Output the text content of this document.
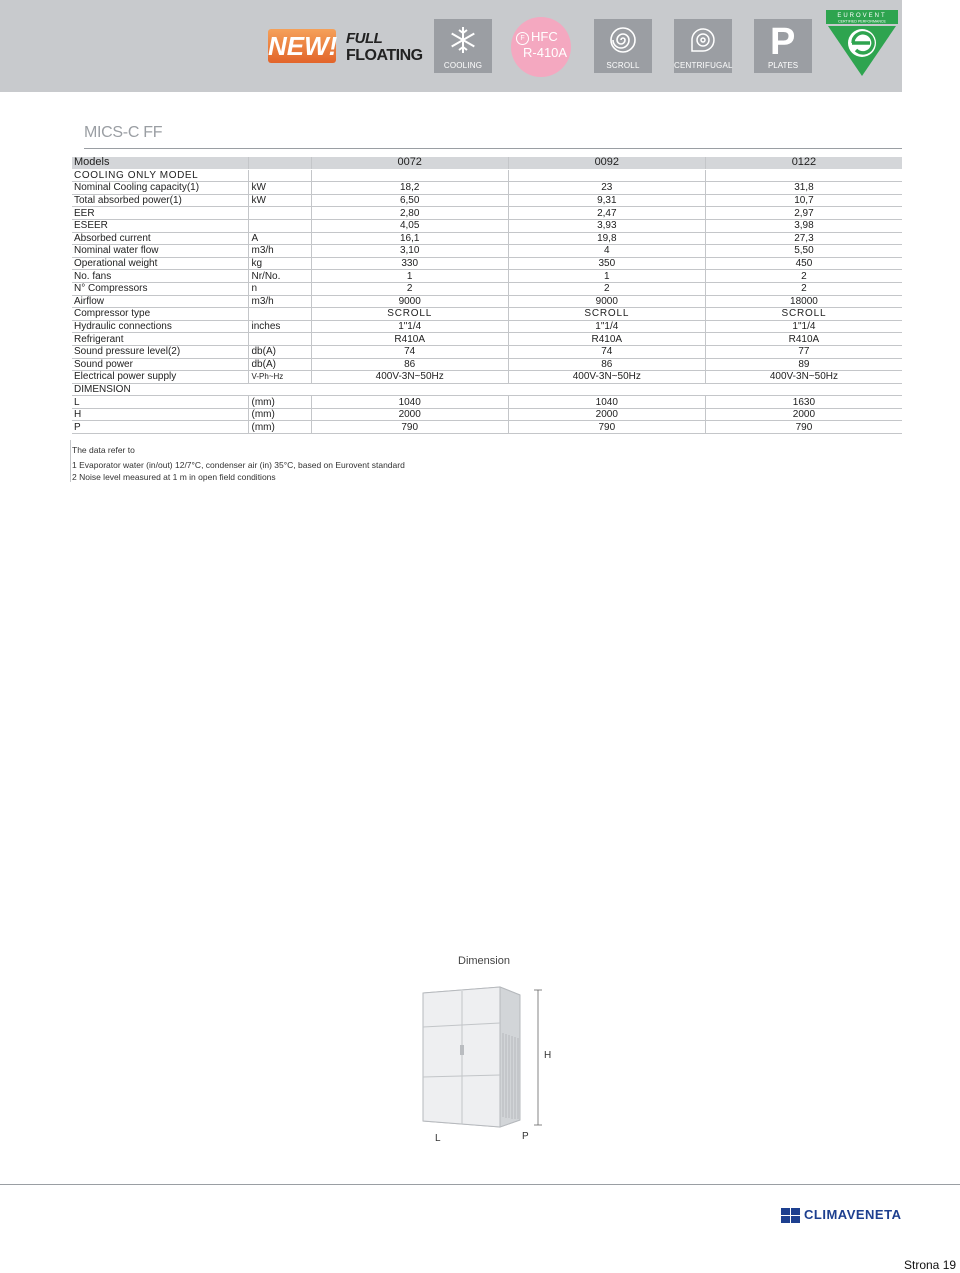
NEW! FULL
FLOATING
COOLING
F HFC
R-410A
SCROLL	CENTRIFUGAL
P
PLATES
EUROVENT
CERTIFIED PERFORMANCE
MICS-C FF
Models		0072	0092	0122
COOLING ONLY MODEL				
Nominal Cooling capacity(1)	kW	18,2	23	31,8
Total absorbed power(1)	kW	6,50	9,31	10,7
EER		2,80	2,47	2,97
ESEER		4,05	3,93	3,98
Absorbed current	A	16,1	19,8	27,3
Nominal water flow	m3/h	3,10	4	5,50
Operational weight	kg	330	350	450
No. fans	Nr/No.	1	1	2
N° Compressors	n	2	2	2
Airflow	m3/h	9000	9000	18000
Compressor type		SCROLL	SCROLL	SCROLL
Hydraulic connections	inches	1"1/4	1"1/4	1"1/4
Refrigerant		R410A	R410A	R410A
Sound pressure level(2)	db(A)	74	74	77
Sound power	db(A)	86	86	89
Electrical power supply	V-Ph~Hz	400V-3N~50Hz	400V-3N~50Hz	400V-3N~50Hz
DIMENSION				
L	(mm)	1040	1040	1630
H	(mm)	2000	2000	2000
P	(mm)	790	790	790
The data refer to
1 Evaporator water (in/out) 12/7°C, condenser air (in) 35°C, based on Eurovent standard
2 Noise level measured at 1 m in open field conditions
Dimension
H
L	P
CLIMAVENETA
Strona 19
